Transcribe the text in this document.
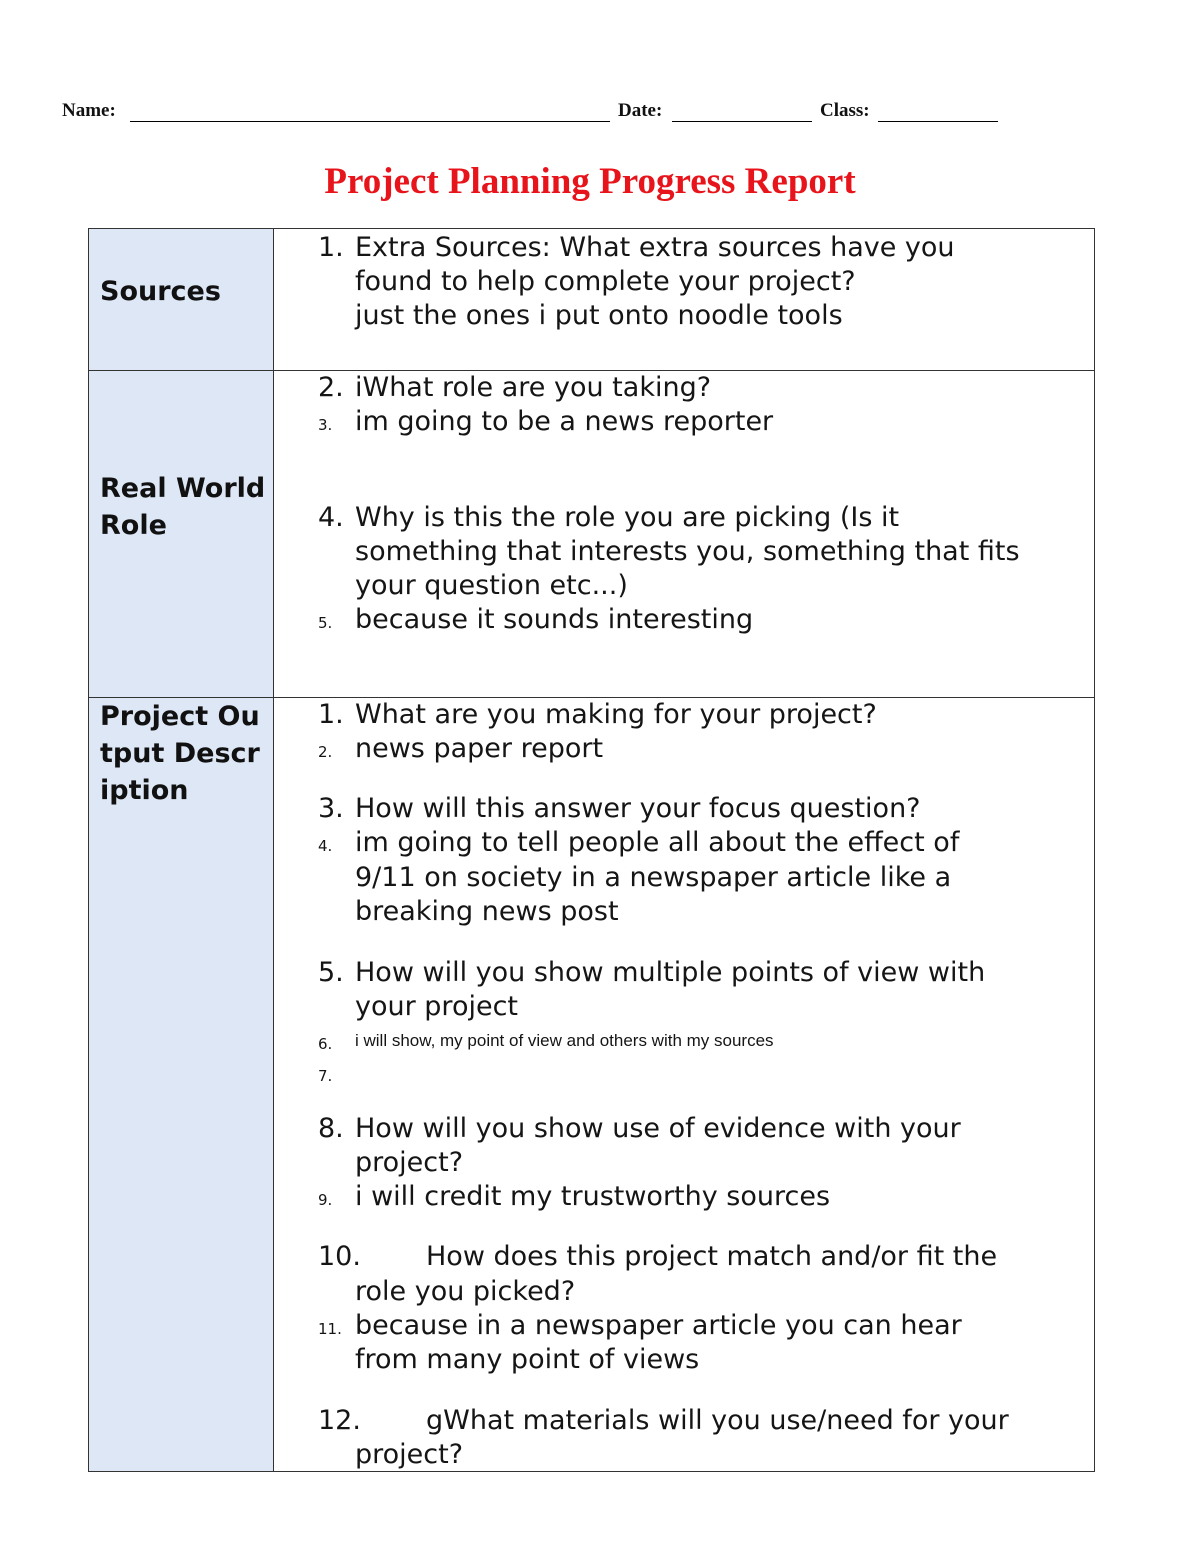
Name:	Date:	Class:
Project Planning Progress Report
Sources
1. Extra Sources: What extra sources have you
found to help complete your project?
just the ones i put onto noodle tools
Real World Role
2. iWhat role are you taking?
3. im going to be a news reporter
4. Why is this the role you are picking (Is it
something that interests you, something that fits
your question etc...)
5. because it sounds interesting
Project Output Description
1. What are you making for your project?
2. news paper report
3. How will this answer your focus question?
4. im going to tell people all about the effect of
9/11 on society in a newspaper article like a
breaking news post
5. How will you show multiple points of view with
your project
6. i will show, my point of view and others with my sources
7.
8. How will you show use of evidence with your
project?
9. i will credit my trustworthy sources
10. How does this project match and/or fit the
role you picked?
11. because in a newspaper article you can hear
from many point of views
12. gWhat materials will you use/need for your
project?
